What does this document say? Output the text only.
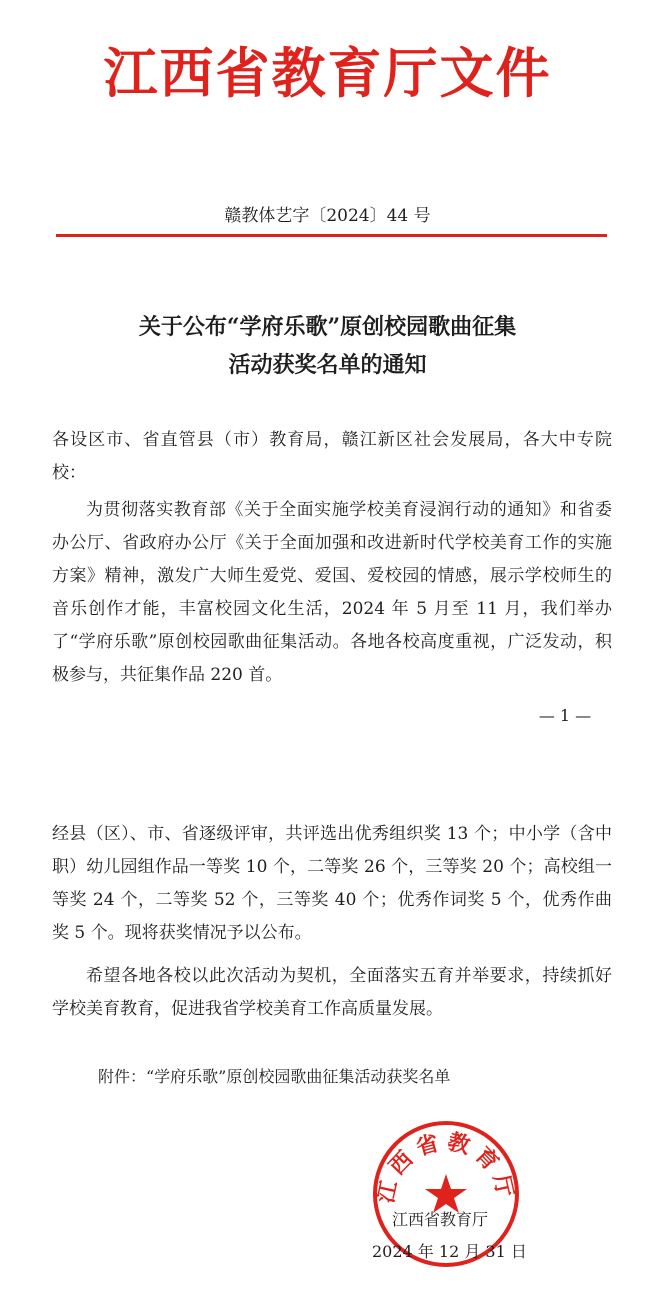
江西省教育厅文件
赣教体艺字〔2024〕44 号
关于公布“学府乐歌”原创校园歌曲征集
活动获奖名单的通知

各设区市、省直管县（市）教育局，赣江新区社会发展局，各大中专院校：

为贯彻落实教育部《关于全面实施学校美育浸润行动的通知》和省委办公厅、省政府办公厅《关于全面加强和改进新时代学校美育工作的实施方案》精神，激发广大师生爱党、爱国、爱校园的情感，展示学校师生的音乐创作才能，丰富校园文化生活，2024 年 5 月至 11 月，我们举办了“学府乐歌”原创校园歌曲征集活动。各地各校高度重视，广泛发动，积极参与，共征集作品 220 首。

— 1 —

经县（区）、市、省逐级评审，共评选出优秀组织奖 13 个；中小学（含中职）幼儿园组作品一等奖 10 个，二等奖 26 个，三等奖 20 个；高校组一等奖 24 个，二等奖 52 个，三等奖 40 个；优秀作词奖 5 个，优秀作曲奖 5 个。现将获奖情况予以公布。

希望各地各校以此次活动为契机，全面落实五育并举要求，持续抓好学校美育教育，促进我省学校美育工作高质量发展。

附件：“学府乐歌”原创校园歌曲征集活动获奖名单
江西省教育厅
江西省教育厅
2024 年 12 月 31 日
